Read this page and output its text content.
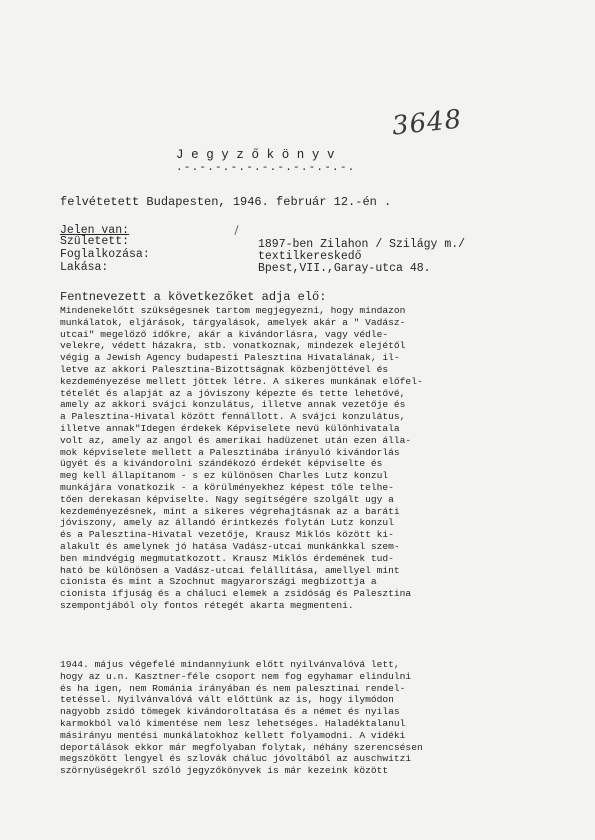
3648
Jegyzőkönyv
.-.-.-.-.-.-.-.-.-.-.-.
felvétetett Budapesten, 1946. február 12.-én .
Jelen van:
Született:
Foglalkozása:
Lakása:
1897-ben Zilahon / Szilágy m./
textilkereskedő
Bpest,VII.,Garay-utca 48.
Fentnevezett a következőket adja elő:
Mindenekelőtt szükségesnek tartom megjegyezni, hogy mindazon
munkálatok, eljárások, tárgyalások, amelyek akár a " Vadász-
utcai" megelőző időkre, akár a kivándorlásra, vagy védle-
velekre, védett házakra, stb. vonatkoznak, mindezek elejétől
végig a Jewish Agency budapesti Palesztina Hivatalának, il-
letve az akkori Palesztina-Bizottságnak közbenjöttével és
kezdeményezése mellett jöttek létre. A sikeres munkának előfel-
tételét és alapját az a jóviszony képezte és tette lehetővé,
amely az akkori svájci konzulátus, illetve annak vezetője és
a Palesztina-Hivatal között fennállott. A svájci konzulátus,
illetve annak"Idegen érdekek Képviselete nevü különhivatala
volt az, amely az angol és amerikai hadüzenet után ezen álla-
mok képviselete mellett a Palesztinába irányuló kivándorlás
ügyét és a kivándorolni szándékozó érdekét képviselte és
meg kell állapítanom - s ez különösen Charles Lutz konzul
munkájára vonatkozik - a körülményekhez képest tőle telhe-
tően derekasan képviselte. Nagy segítségére szolgált ugy a
kezdeményezésnek, mint a sikeres végrehajtásnak az a baráti
jóviszony, amely az állandó érintkezés folytán Lutz konzul
és a Palesztina-Hivatal vezetője, Krausz Miklós között ki-
alakult és amelynek jó hatása Vadász-utcai munkánkkal szem-
ben mindvégig megmutatkozott. Krausz Miklós érdemének tud-
ható be különösen a Vadász-utcai felállítása, amellyel mint
cionista és mint a Szochnut magyarországi megbízottja a
cionista ifjuság és a cháluci elemek a zsidóság és Palesztina
szempontjából oly fontos rétegét akarta megmenteni.
1944. május végefelé mindannyiunk előtt nyilvánvalóvá lett,
hogy az u.n. Kasztner-féle csoport nem fog egyhamar elindulni
és ha igen, nem Románia irányában és nem palesztinai rendel-
tetéssel. Nyilvánvalóvá vált előttünk az is, hogy ilymódon
nagyobb zsidó tömegek kivándoroltatása és a német és nyilas
karmokból való kimentése nem lesz lehetséges. Haladéktalanul
másirányu mentési munkálatokhoz kellett folyamodni. A vidéki
deportálások ekkor már megfolyaban folytak, néhány szerencsésen
megszökött lengyel és szlovák cháluc jóvoltából az auschwitzi
szörnyüségekről szóló jegyzőkönyvek is már kezeink között
